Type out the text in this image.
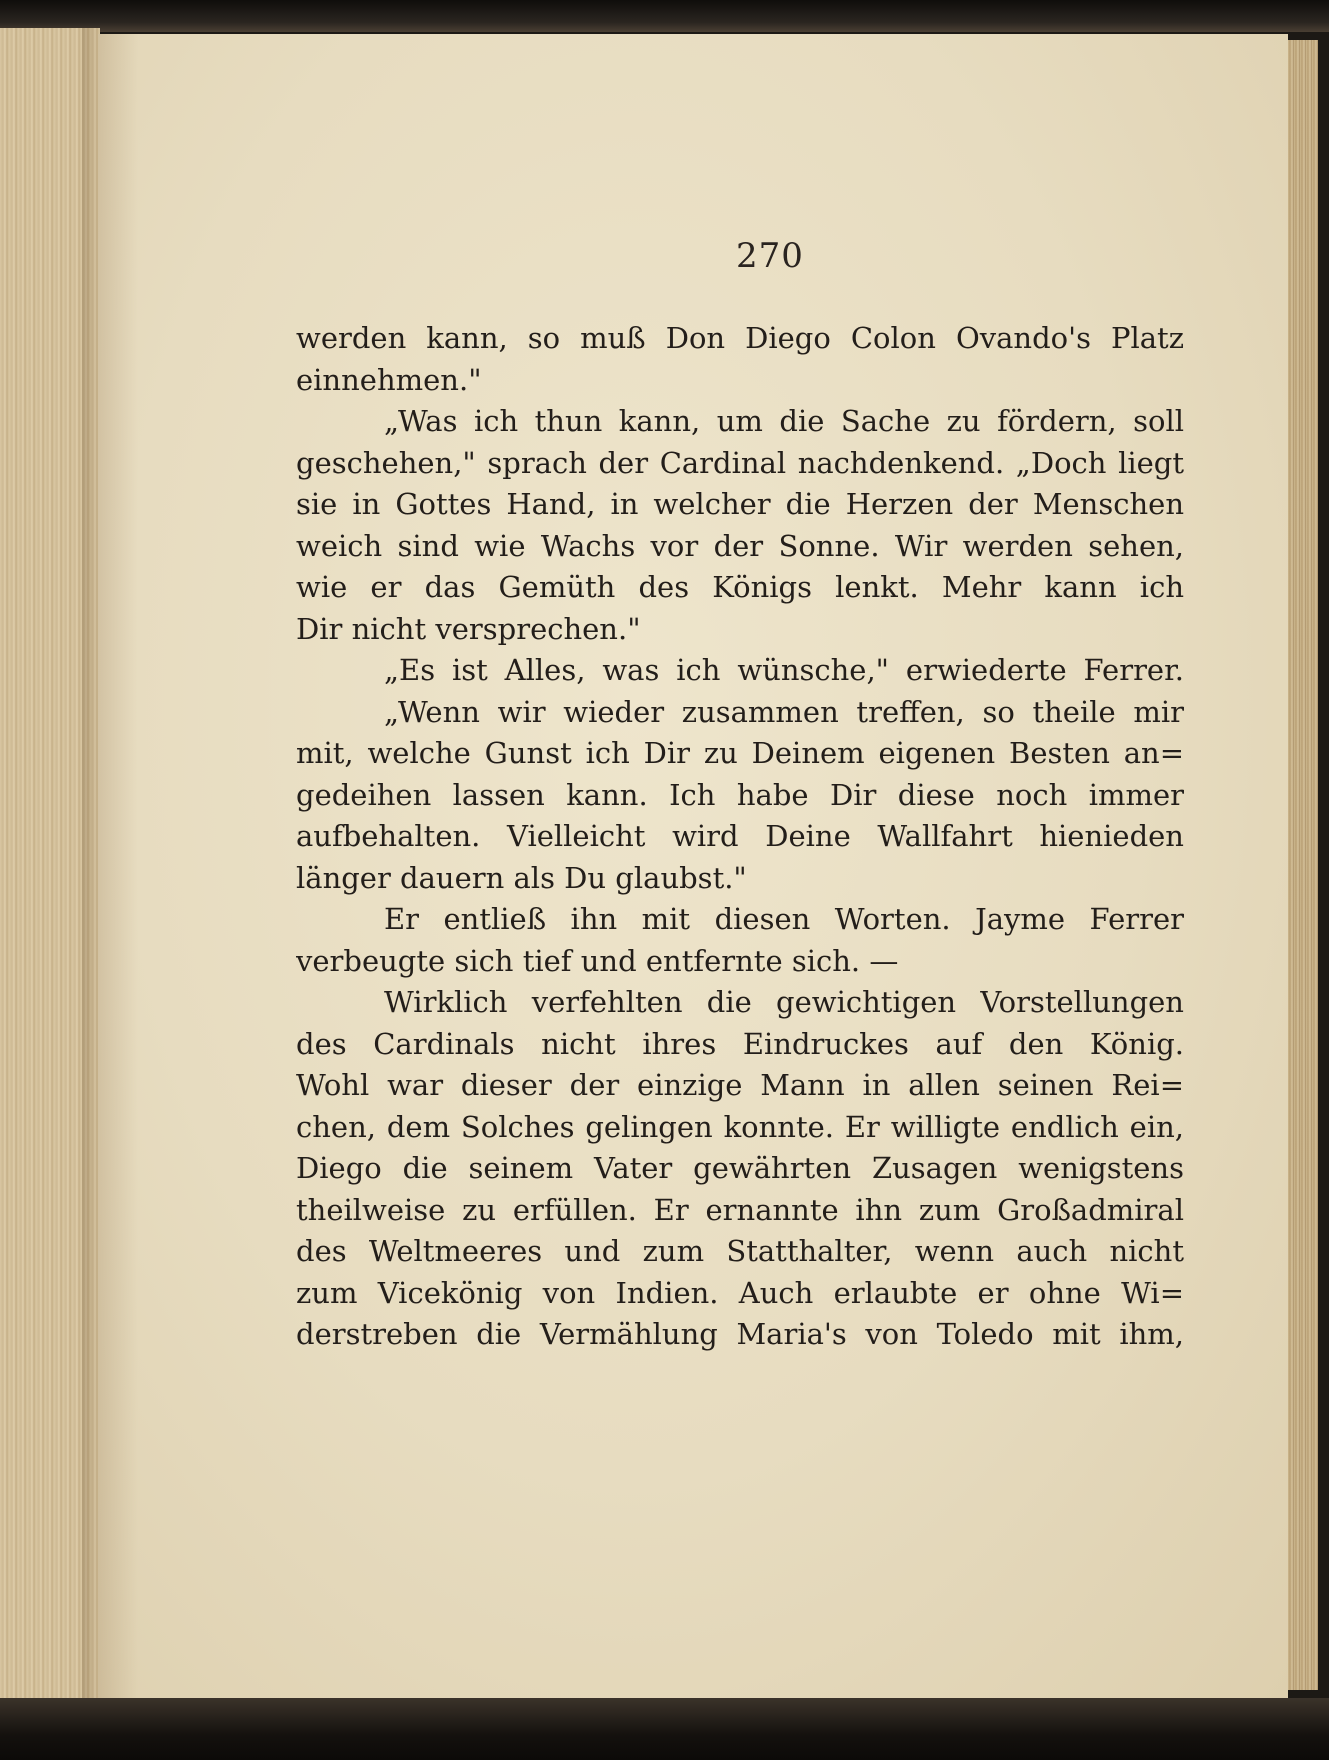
270
werden kann, so muß Don Diego Colon Ovando's Platz
einnehmen."
„Was ich thun kann, um die Sache zu fördern, soll
geschehen," sprach der Cardinal nachdenkend. „Doch liegt
sie in Gottes Hand, in welcher die Herzen der Menschen
weich sind wie Wachs vor der Sonne. Wir werden sehen,
wie er das Gemüth des Königs lenkt. Mehr kann ich
Dir nicht versprechen."
„Es ist Alles, was ich wünsche," erwiederte Ferrer.
„Wenn wir wieder zusammen treffen, so theile mir
mit, welche Gunst ich Dir zu Deinem eigenen Besten an=
gedeihen lassen kann. Ich habe Dir diese noch immer
aufbehalten. Vielleicht wird Deine Wallfahrt hienieden
länger dauern als Du glaubst."
Er entließ ihn mit diesen Worten. Jayme Ferrer
verbeugte sich tief und entfernte sich. —
Wirklich verfehlten die gewichtigen Vorstellungen
des Cardinals nicht ihres Eindruckes auf den König.
Wohl war dieser der einzige Mann in allen seinen Rei=
chen, dem Solches gelingen konnte. Er willigte endlich ein,
Diego die seinem Vater gewährten Zusagen wenigstens
theilweise zu erfüllen. Er ernannte ihn zum Großadmiral
des Weltmeeres und zum Statthalter, wenn auch nicht
zum Vicekönig von Indien. Auch erlaubte er ohne Wi=
derstreben die Vermählung Maria's von Toledo mit ihm,
